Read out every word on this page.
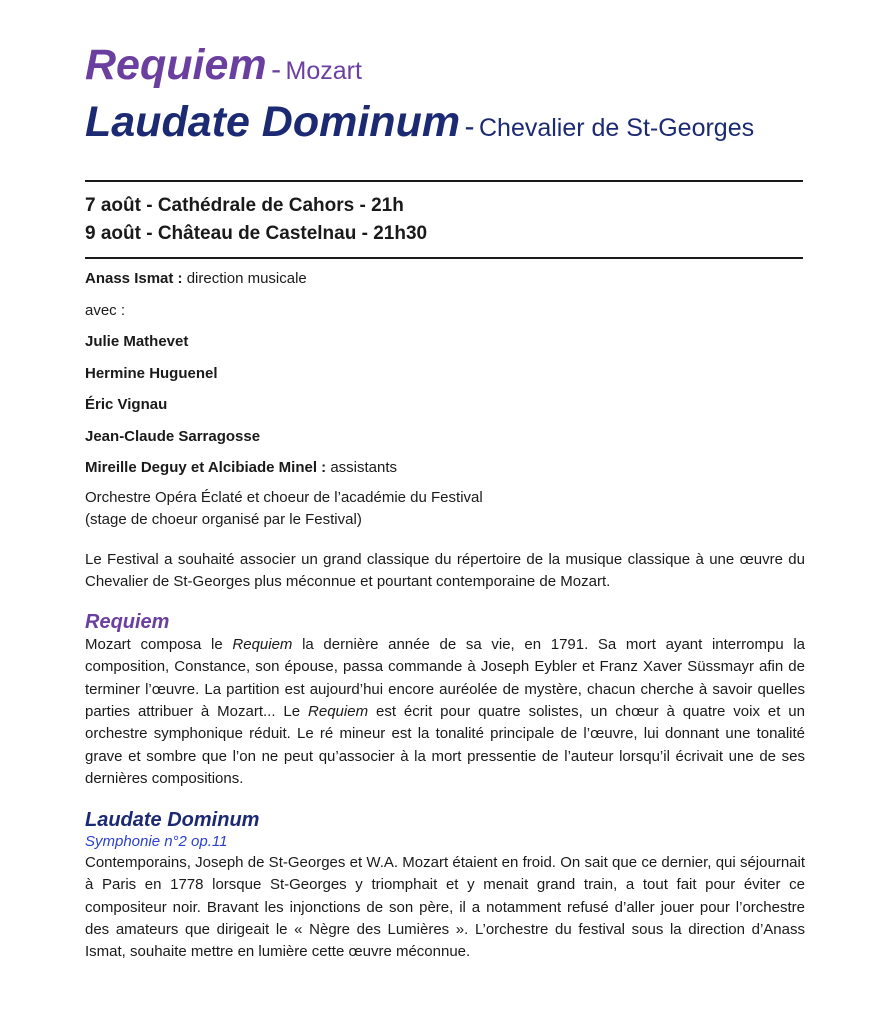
Requiem - Mozart
Laudate Dominum - Chevalier de St-Georges
7 août - Cathédrale de Cahors - 21h
9 août - Château de Castelnau - 21h30
Anass Ismat : direction musicale
avec :
Julie Mathevet
Hermine Huguenel
Éric Vignau
Jean-Claude Sarragosse
Mireille Deguy et Alcibiade Minel : assistants
Orchestre Opéra Éclaté et choeur de l’académie du Festival
(stage de choeur organisé par le Festival)
Le Festival a souhaité associer un grand classique du répertoire de la musique classique à une œuvre du Chevalier de St-Georges plus méconnue et pourtant contemporaine de Mozart.
Requiem
Mozart composa le Requiem la dernière année de sa vie, en 1791. Sa mort ayant interrompu la composition, Constance, son épouse, passa commande à Joseph Eybler et Franz Xaver Süssmayr afin de terminer l’œuvre. La partition est aujourd’hui encore auréolée de mystère, chacun cherche à savoir quelles parties attribuer à Mozart... Le Requiem est écrit pour quatre solistes, un chœur à quatre voix et un orchestre symphonique réduit. Le ré mineur est la tonalité principale de l’œuvre, lui donnant une tonalité grave et sombre que l’on ne peut qu’associer à la mort pressentie de l’auteur lorsqu’il écrivait une de ses dernières compositions.
Laudate Dominum
Symphonie n°2 op.11
Contemporains, Joseph de St-Georges et W.A. Mozart étaient en froid. On sait que ce dernier, qui séjournait à Paris en 1778 lorsque St-Georges y triomphait et y menait grand train, a tout fait pour éviter ce compositeur noir. Bravant les injonctions de son père, il a notamment refusé d’aller jouer pour l’orchestre des amateurs que dirigeait le « Nègre des Lumières ». L’orchestre du festival sous la direction d’Anass Ismat, souhaite mettre en lumière cette œuvre méconnue.
